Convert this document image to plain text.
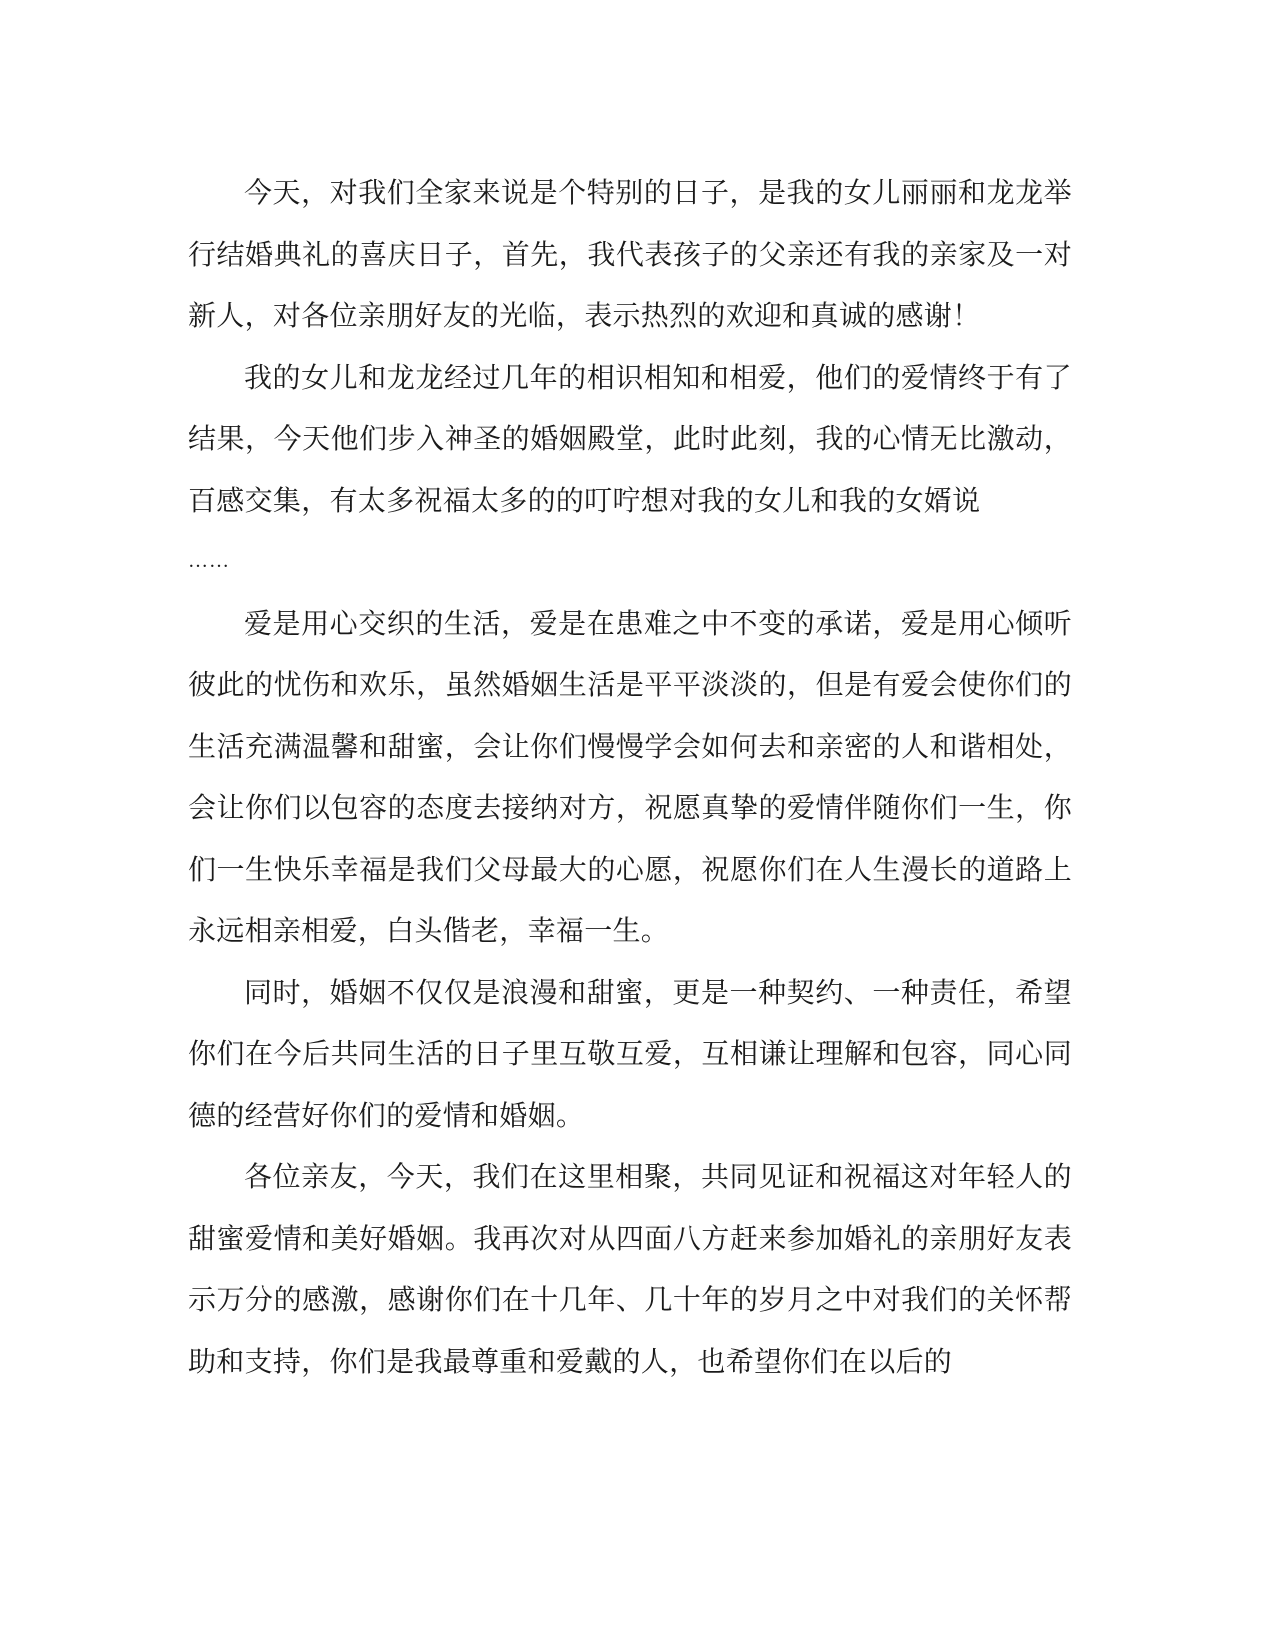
今天，对我们全家来说是个特别的日子，是我的女儿丽丽和龙龙举行结婚典礼的喜庆日子，首先，我代表孩子的父亲还有我的亲家及一对新人，对各位亲朋好友的光临，表示热烈的欢迎和真诚的感谢！

我的女儿和龙龙经过几年的相识相知和相爱，他们的爱情终于有了结果，今天他们步入神圣的婚姻殿堂，此时此刻，我的心情无比激动，百感交集，有太多祝福太多的的叮咛想对我的女儿和我的女婿说

……

爱是用心交织的生活，爱是在患难之中不变的承诺，爱是用心倾听彼此的忧伤和欢乐，虽然婚姻生活是平平淡淡的，但是有爱会使你们的生活充满温馨和甜蜜，会让你们慢慢学会如何去和亲密的人和谐相处，会让你们以包容的态度去接纳对方，祝愿真挚的爱情伴随你们一生，你们一生快乐幸福是我们父母最大的心愿，祝愿你们在人生漫长的道路上永远相亲相爱，白头偕老，幸福一生。

同时，婚姻不仅仅是浪漫和甜蜜，更是一种契约、一种责任，希望你们在今后共同生活的日子里互敬互爱，互相谦让理解和包容，同心同德的经营好你们的爱情和婚姻。

各位亲友，今天，我们在这里相聚，共同见证和祝福这对年轻人的甜蜜爱情和美好婚姻。我再次对从四面八方赶来参加婚礼的亲朋好友表示万分的感激，感谢你们在十几年、几十年的岁月之中对我们的关怀帮助和支持，你们是我最尊重和爱戴的人，也希望你们在以后的
